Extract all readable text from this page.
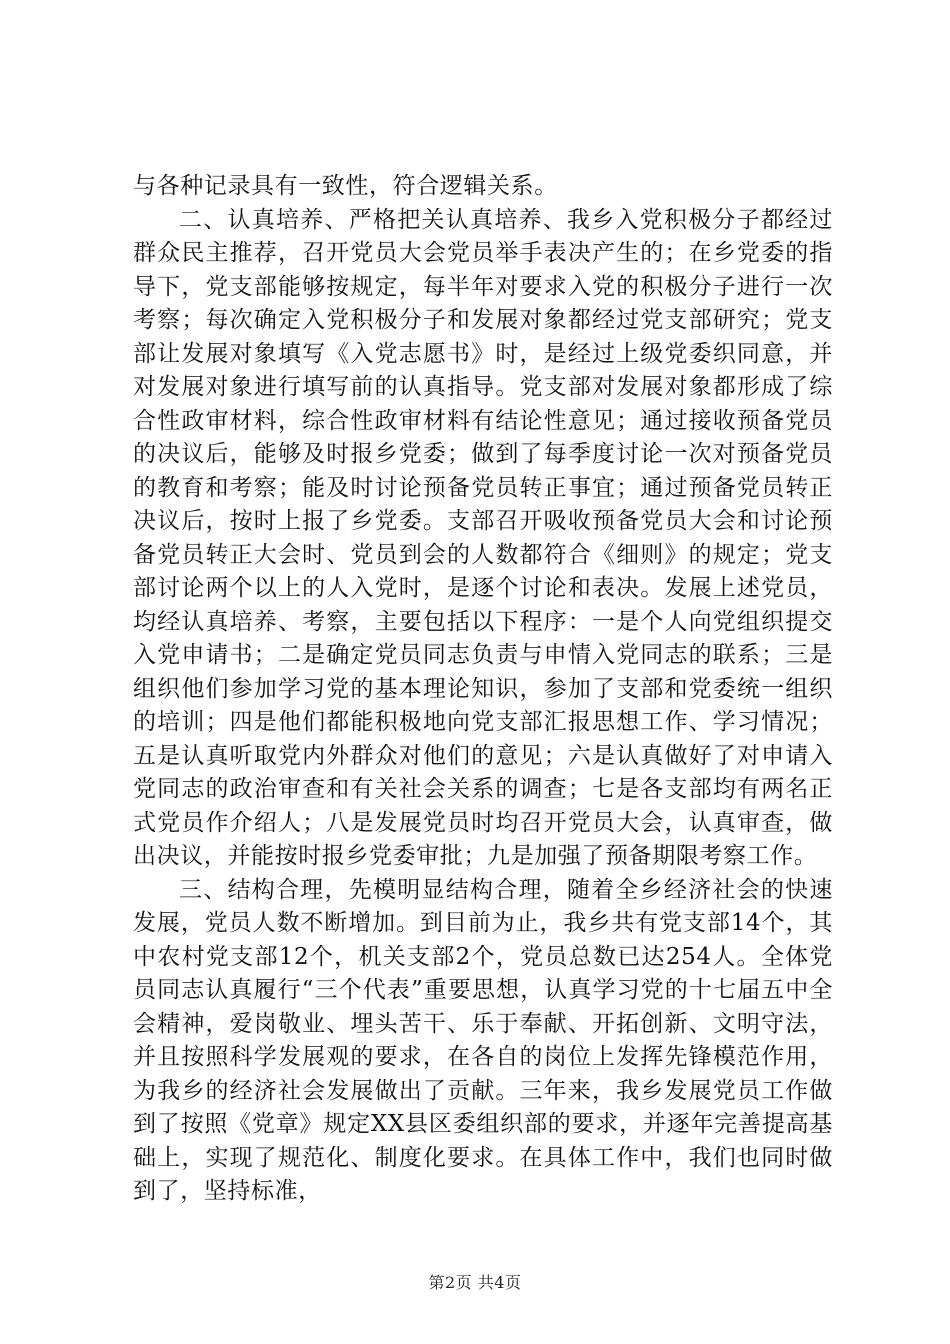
与各种记录具有一致性，符合逻辑关系。

二、认真培养、严格把关认真培养、我乡入党积极分子都经过群众民主推荐，召开党员大会党员举手表决产生的；在乡党委的指导下，党支部能够按规定，每半年对要求入党的积极分子进行一次考察；每次确定入党积极分子和发展对象都经过党支部研究；党支部让发展对象填写《入党志愿书》时，是经过上级党委织同意，并对发展对象进行填写前的认真指导。党支部对发展对象都形成了综合性政审材料，综合性政审材料有结论性意见；通过接收预备党员的决议后，能够及时报乡党委；做到了每季度讨论一次对预备党员的教育和考察；能及时讨论预备党员转正事宜；通过预备党员转正决议后，按时上报了乡党委。支部召开吸收预备党员大会和讨论预备党员转正大会时、党员到会的人数都符合《细则》的规定；党支部讨论两个以上的人入党时，是逐个讨论和表决。发展上述党员，均经认真培养、考察，主要包括以下程序：一是个人向党组织提交入党申请书；二是确定党员同志负责与申情入党同志的联系；三是组织他们参加学习党的基本理论知识，参加了支部和党委统一组织的培训；四是他们都能积极地向党支部汇报思想工作、学习情况；五是认真听取党内外群众对他们的意见；六是认真做好了对申请入党同志的政治审查和有关社会关系的调查；七是各支部均有两名正式党员作介绍人；八是发展党员时均召开党员大会，认真审查，做出决议，并能按时报乡党委审批；九是加强了预备期限考察工作。

三、结构合理，先模明显结构合理，随着全乡经济社会的快速发展，党员人数不断增加。到目前为止，我乡共有党支部14个，其中农村党支部12个，机关支部2个，党员总数已达254人。全体党员同志认真履行“三个代表”重要思想，认真学习党的十七届五中全会精神，爱岗敬业、埋头苦干、乐于奉献、开拓创新、文明守法，并且按照科学发展观的要求，在各自的岗位上发挥先锋模范作用，为我乡的经济社会发展做出了贡献。三年来，我乡发展党员工作做到了按照《党章》规定XX县区委组织部的要求，并逐年完善提高基础上，实现了规范化、制度化要求。在具体工作中，我们也同时做到了，坚持标准，

第2页 共4页
